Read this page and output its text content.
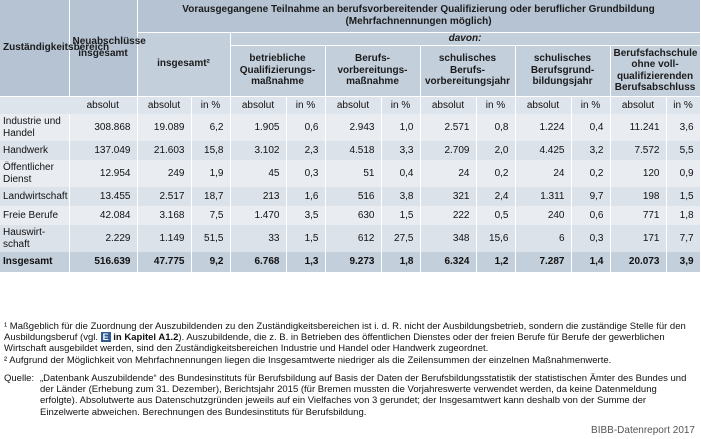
Zuständigkeitsbereich	Neuabschlüsse insgesamt	Vorausgegangene Teilnahme an berufsvorbereitender Qualifizierung oder beruflicher Grundbildung (Mehrfachnennungen möglich)											
		insgesamt²		davon:									
				betriebliche Qualifizierungsmaßnahme		Berufsvorbereitungsmaßnahme		schulisches Berufsvorbereitungsjahr		schulisches Berufsgrundbildungsjahr		Berufsfachschule ohne vollqualifizierenden Berufsabschluss	
	absolut	absolut	in %	absolut	in %	absolut	in %	absolut	in %	absolut	in %	absolut	in %
Industrie und Handel	308.868	19.089	6,2	1.905	0,6	2.943	1,0	2.571	0,8	1.224	0,4	11.241	3,6
Handwerk	137.049	21.603	15,8	3.102	2,3	4.518	3,3	2.709	2,0	4.425	3,2	7.572	5,5
Öffentlicher Dienst	12.954	249	1,9	45	0,3	51	0,4	24	0,2	24	0,2	120	0,9
Landwirtschaft	13.455	2.517	18,7	213	1,6	516	3,8	321	2,4	1.311	9,7	198	1,5
Freie Berufe	42.084	3.168	7,5	1.470	3,5	630	1,5	222	0,5	240	0,6	771	1,8
Hauswirtschaft	2.229	1.149	51,5	33	1,5	612	27,5	348	15,6	6	0,3	171	7,7
Insgesamt	516.639	47.775	9,2	6.768	1,3	9.273	1,8	6.324	1,2	7.287	1,4	20.073	3,9
¹ Maßgeblich für die Zuordnung der Auszubildenden zu den Zuständigkeitsbereichen ist i. d. R. nicht der Ausbildungsbetrieb, sondern die zuständige Stelle für den Ausbildungsberuf (vgl. E in Kapitel A1.2). Auszubildende, die z. B. in Betrieben des öffentlichen Dienstes oder der freien Berufe für Berufe der gewerblichen Wirtschaft ausgebildet werden, sind den Zuständigkeitsbereichen Industrie und Handel oder Handwerk zugeordnet.
² Aufgrund der Möglichkeit von Mehrfachnennungen liegen die Insgesamtwerte niedriger als die Zeilensummen der einzelnen Maßnahmenwerte.
Quelle: „Datenbank Auszubildende“ des Bundesinstituts für Berufsbildung auf Basis der Daten der Berufsbildungsstatistik der statistischen Ämter des Bundes und der Länder (Erhebung zum 31. Dezember), Berichtsjahr 2015 (für Bremen mussten die Vorjahreswerte verwendet werden, da keine Datenmeldung erfolgte). Absolutwerte aus Datenschutzgründen jeweils auf ein Vielfaches von 3 gerundet; der Insgesamtwert kann deshalb von der Summe der Einzelwerte abweichen. Berechnungen des Bundesinstituts für Berufsbildung.
BIBB-Datenreport 2017
